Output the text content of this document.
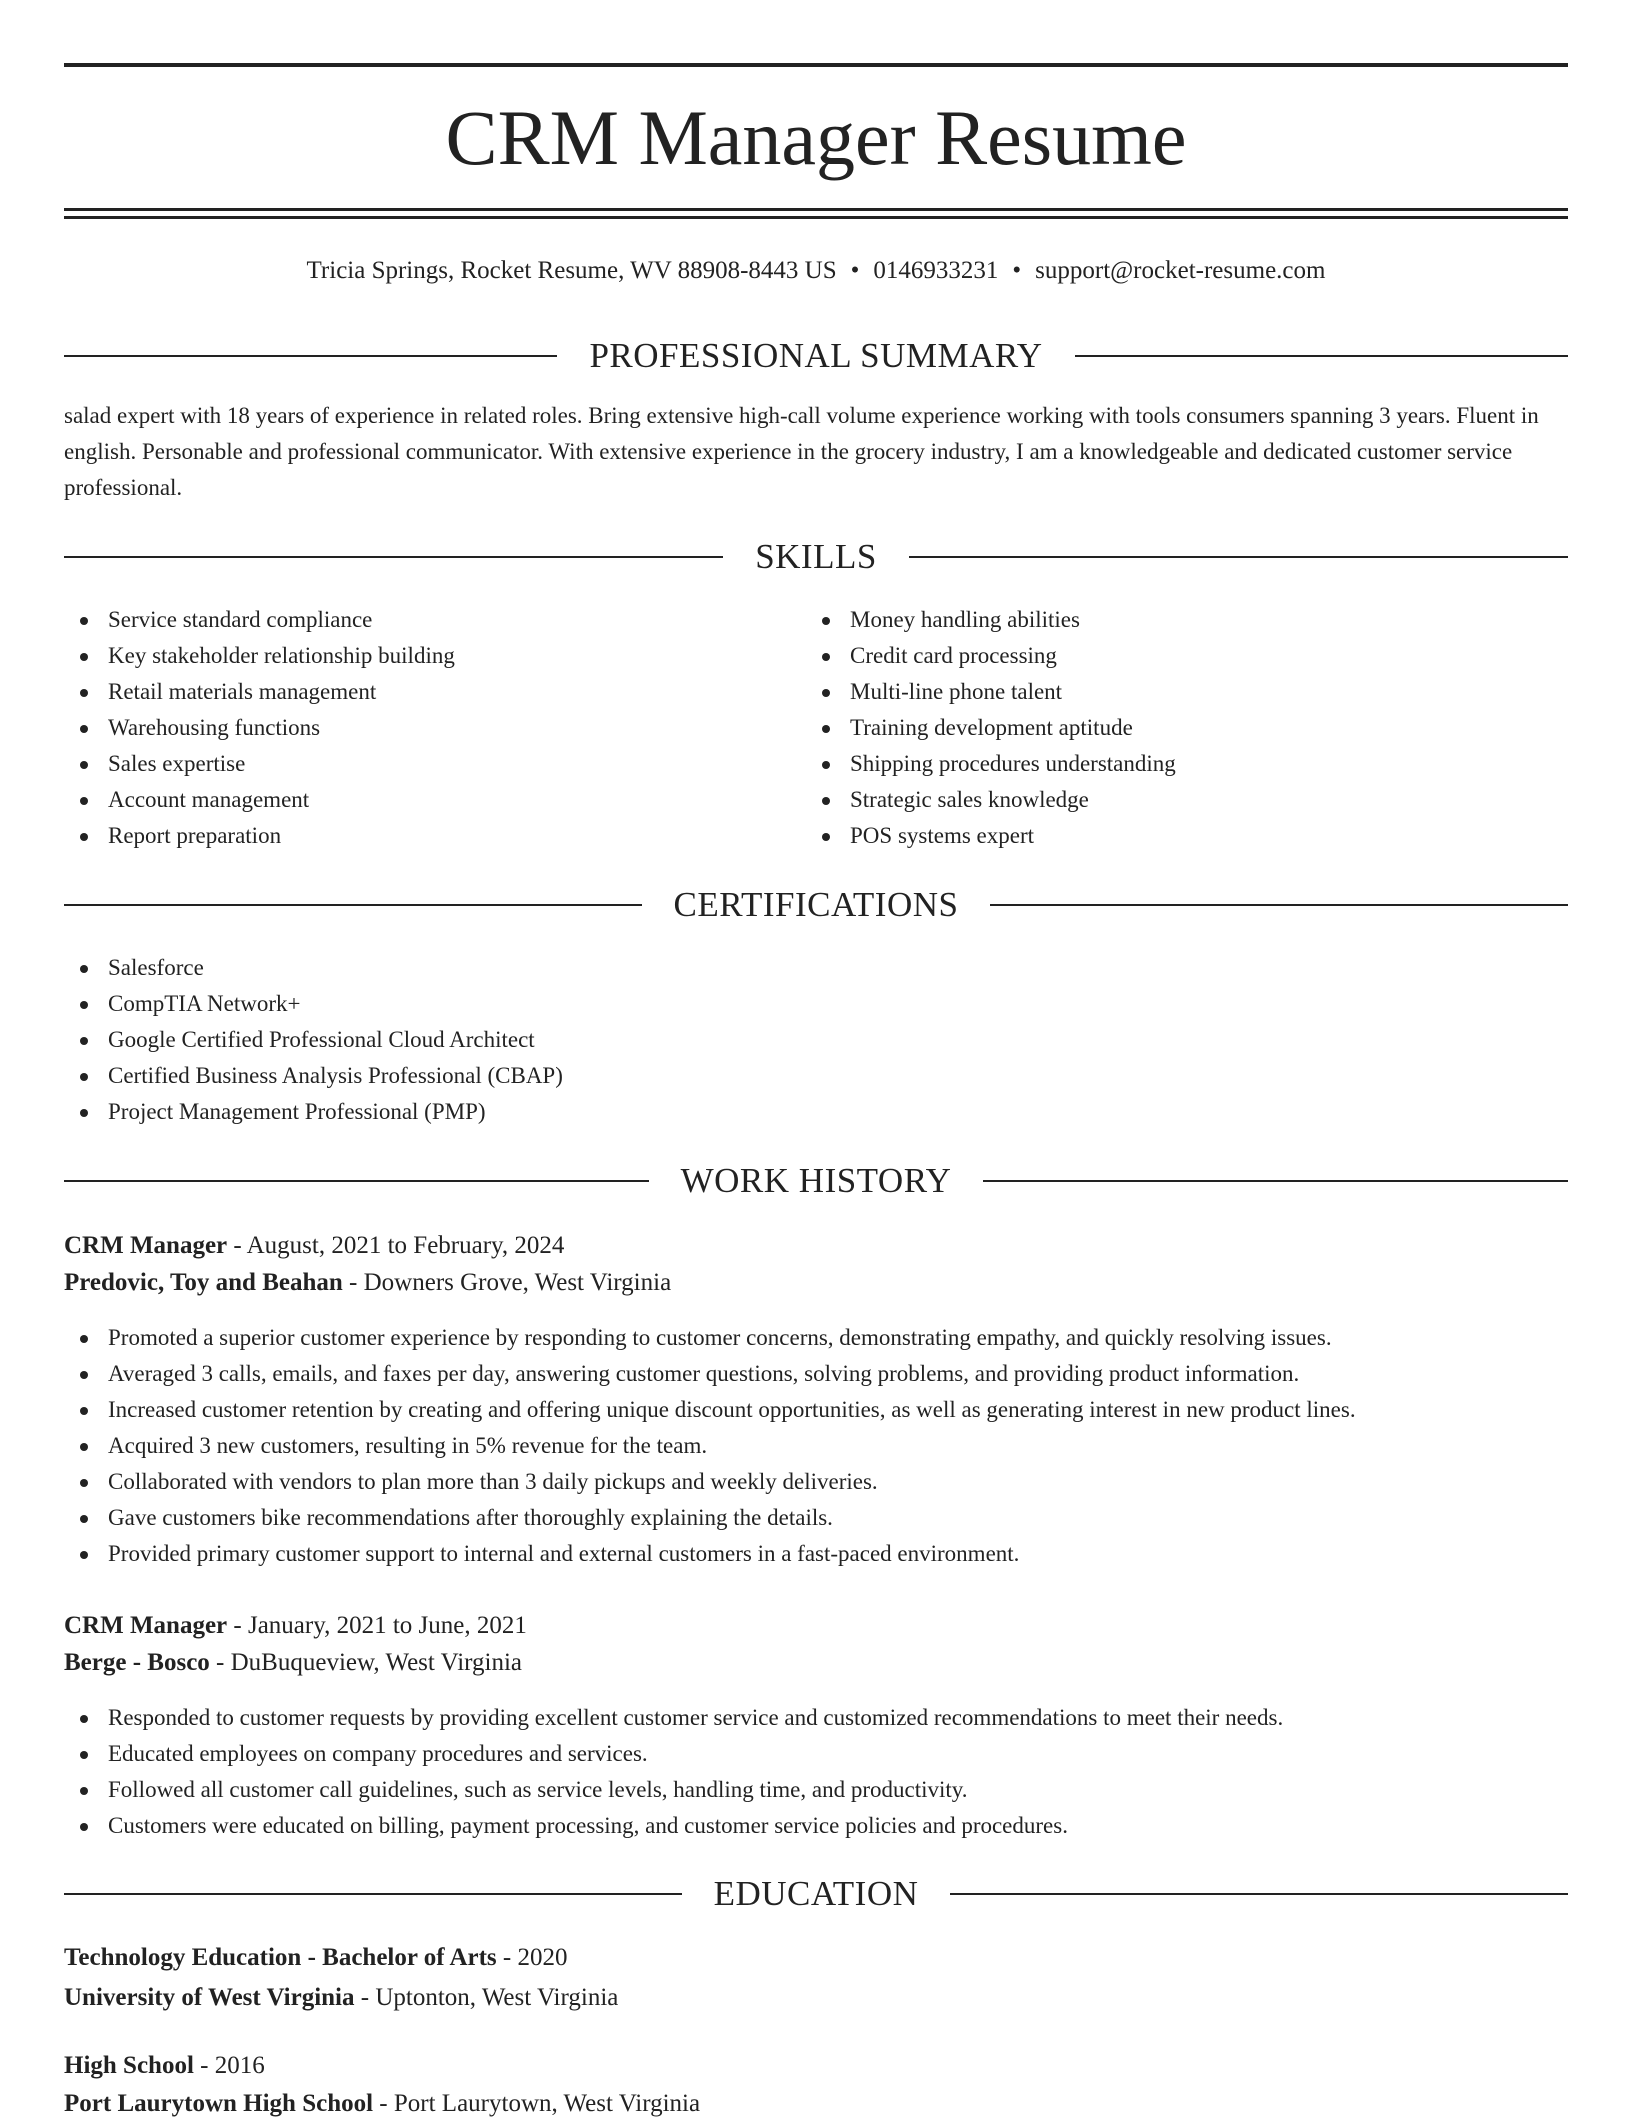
CRM Manager Resume
Tricia Springs, Rocket Resume, WV 88908-8443 US • 0146933231 • support@rocket-resume.com
PROFESSIONAL SUMMARY

salad expert with 18 years of experience in related roles. Bring extensive high-call volume experience working with tools consumers spanning 3 years. Fluent in english. Personable and professional communicator. With extensive experience in the grocery industry, I am a knowledgeable and dedicated customer service professional.

SKILLS
Service standard compliance
Key stakeholder relationship building
Retail materials management
Warehousing functions
Sales expertise
Account management
Report preparation
Money handling abilities
Credit card processing
Multi-line phone talent
Training development aptitude
Shipping procedures understanding
Strategic sales knowledge
POS systems expert
CERTIFICATIONS
Salesforce
CompTIA Network+
Google Certified Professional Cloud Architect
Certified Business Analysis Professional (CBAP)
Project Management Professional (PMP)
WORK HISTORY
CRM Manager - August, 2021 to February, 2024
Predovic, Toy and Beahan - Downers Grove, West Virginia
Promoted a superior customer experience by responding to customer concerns, demonstrating empathy, and quickly resolving issues.
Averaged 3 calls, emails, and faxes per day, answering customer questions, solving problems, and providing product information.
Increased customer retention by creating and offering unique discount opportunities, as well as generating interest in new product lines.
Acquired 3 new customers, resulting in 5% revenue for the team.
Collaborated with vendors to plan more than 3 daily pickups and weekly deliveries.
Gave customers bike recommendations after thoroughly explaining the details.
Provided primary customer support to internal and external customers in a fast-paced environment.
CRM Manager - January, 2021 to June, 2021
Berge - Bosco - DuBuqueview, West Virginia
Responded to customer requests by providing excellent customer service and customized recommendations to meet their needs.
Educated employees on company procedures and services.
Followed all customer call guidelines, such as service levels, handling time, and productivity.
Customers were educated on billing, payment processing, and customer service policies and procedures.
EDUCATION
Technology Education - Bachelor of Arts - 2020
University of West Virginia - Uptonton, West Virginia
High School - 2016
Port Laurytown High School - Port Laurytown, West Virginia
